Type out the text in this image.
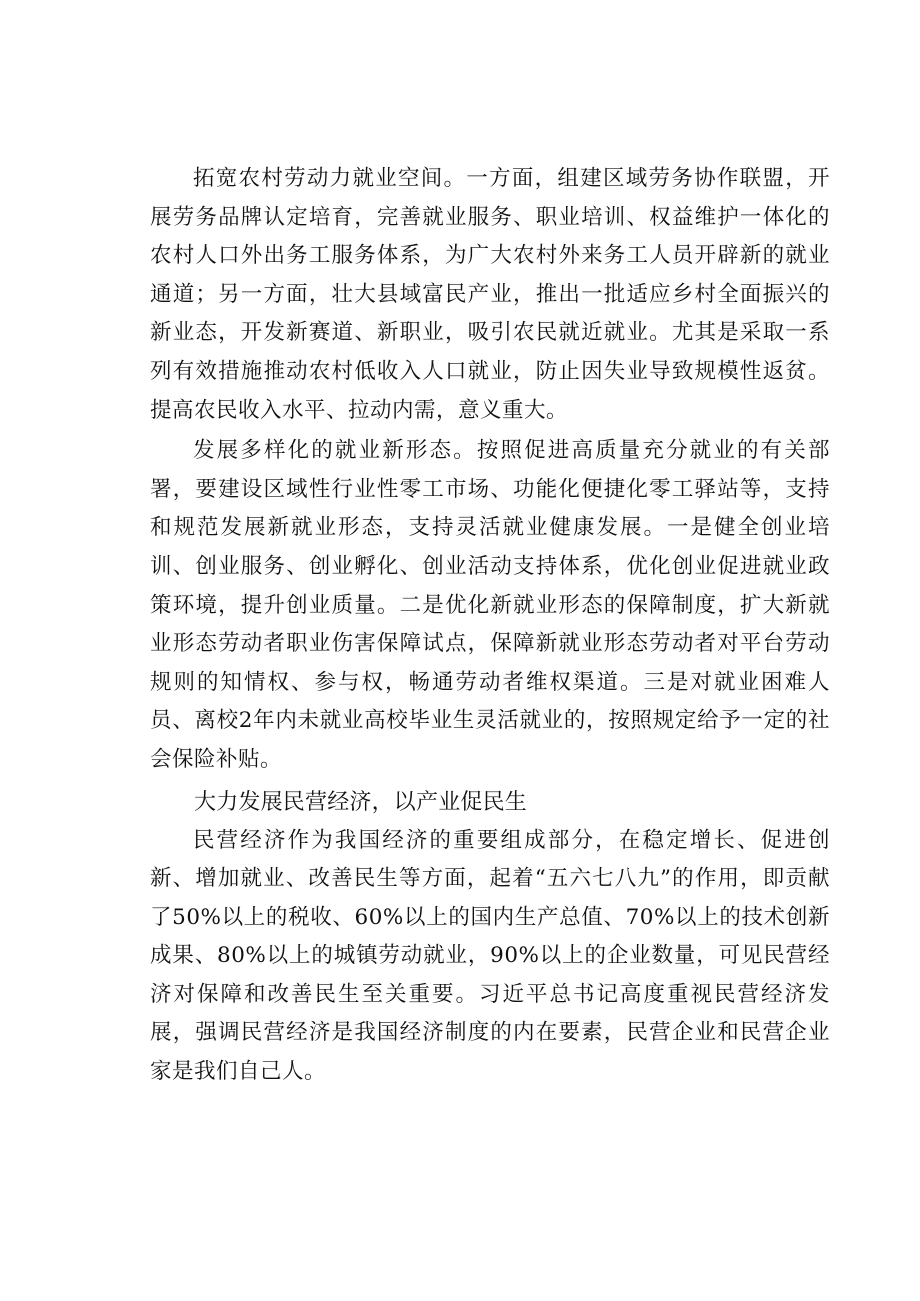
拓宽农村劳动力就业空间。一方面，组建区域劳务协作联盟，开展劳务品牌认定培育，完善就业服务、职业培训、权益维护一体化的农村人口外出务工服务体系，为广大农村外来务工人员开辟新的就业通道；另一方面，壮大县域富民产业，推出一批适应乡村全面振兴的新业态，开发新赛道、新职业，吸引农民就近就业。尤其是采取一系列有效措施推动农村低收入人口就业，防止因失业导致规模性返贫。提高农民收入水平、拉动内需，意义重大。

发展多样化的就业新形态。按照促进高质量充分就业的有关部署，要建设区域性行业性零工市场、功能化便捷化零工驿站等，支持和规范发展新就业形态，支持灵活就业健康发展。一是健全创业培训、创业服务、创业孵化、创业活动支持体系，优化创业促进就业政策环境，提升创业质量。二是优化新就业形态的保障制度，扩大新就业形态劳动者职业伤害保障试点，保障新就业形态劳动者对平台劳动规则的知情权、参与权，畅通劳动者维权渠道。三是对就业困难人员、离校2年内未就业高校毕业生灵活就业的，按照规定给予一定的社会保险补贴。

大力发展民营经济，以产业促民生

民营经济作为我国经济的重要组成部分，在稳定增长、促进创新、增加就业、改善民生等方面，起着“五六七八九”的作用，即贡献了50%以上的税收、60%以上的国内生产总值、70%以上的技术创新成果、80%以上的城镇劳动就业，90%以上的企业数量，可见民营经济对保障和改善民生至关重要。习近平总书记高度重视民营经济发展，强调民营经济是我国经济制度的内在要素，民营企业和民营企业家是我们自己人。
